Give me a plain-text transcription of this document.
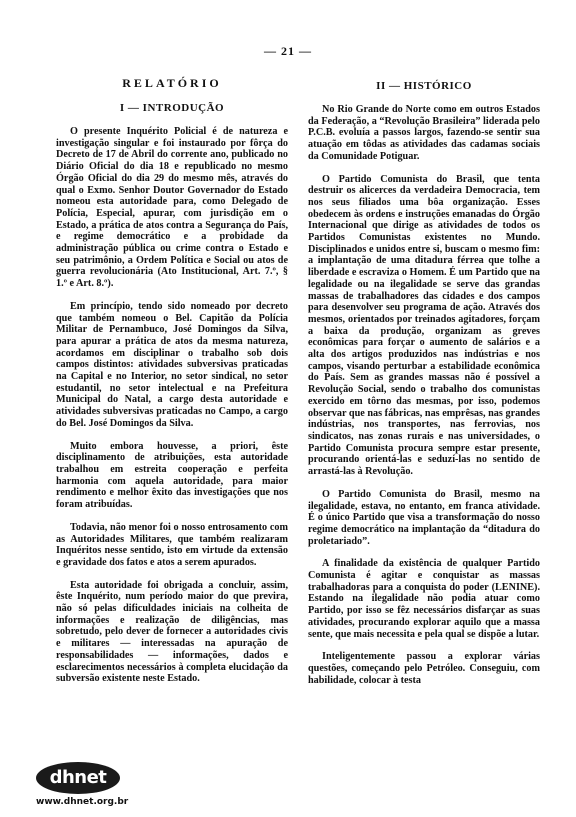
— 21 —
RELATÓRIO
I — INTRODUÇÃO

O presente Inquérito Policial é de natureza e investigação singular e foi instaurado por fôrça do Decreto de 17 de Abril do corrente ano, publicado no Diário Oficial do dia 18 e republicado no mesmo Órgão Oficial do dia 29 do mesmo mês, através do qual o Exmo. Senhor Doutor Governador do Estado nomeou esta autoridade para, como Delegado de Polícia, Especial, apurar, com jurisdição em o Estado, a prática de atos contra a Segurança do País, e regime democrático e a probidade da administração pública ou crime contra o Estado e seu patrimônio, a Ordem Política e Social ou atos de guerra revolucionária (Ato Institucional, Art. 7.º, § 1.º e Art. 8.º).

Em princípio, tendo sido nomeado por decreto que também nomeou o Bel. Capitão da Polícia Militar de Pernambuco, José Domingos da Silva, para apurar a prática de atos da mesma natureza, acordamos em disciplinar o trabalho sob dois campos distintos: atividades subversivas praticadas na Capital e no Interior, no setor sindical, no setor estudantil, no setor intelectual e na Prefeitura Municipal do Natal, a cargo desta autoridade e atividades subversivas praticadas no Campo, a cargo do Bel. José Domingos da Silva.

Muito embora houvesse, a priori, êste disciplinamento de atribuições, esta autoridade trabalhou em estreita cooperação e perfeita harmonia com aquela autoridade, para maior rendimento e melhor êxito das investigações que nos foram atribuídas.

Todavia, não menor foi o nosso entrosamento com as Autoridades Militares, que também realizaram Inquéritos nesse sentido, isto em virtude da extensão e gravidade dos fatos e atos a serem apurados.

Esta autoridade foi obrigada a concluir, assim, êste Inquérito, num período maior do que previra, não só pelas dificuldades iniciais na colheita de informações e realização de diligências, mas sobretudo, pelo dever de fornecer a autoridades civis e militares — interessadas na apuração de responsabilidades — informações, dados e esclarecimentos necessários à completa elucidação da subversão existente neste Estado.

II — HISTÓRICO

No Rio Grande do Norte como em outros Estados da Federação, a “Revolução Brasileira” liderada pelo P.C.B. evoluía a passos largos, fazendo-se sentir sua atuação em tôdas as atividades das cadamas sociais da Comunidade Potiguar.

O Partido Comunista do Brasil, que tenta destruir os alicerces da verdadeira Democracia, tem nos seus filiados uma bôa organização. Esses obedecem às ordens e instruções emanadas do Órgão Internacional que dirige as atividades de todos os Partidos Comunistas existentes no Mundo. Disciplinados e unidos entre si, buscam o mesmo fim: a implantação de uma ditadura férrea que tolhe a liberdade e escraviza o Homem. É um Partido que na legalidade ou na ilegalidade se serve das grandas massas de trabalhadores das cidades e dos campos para desenvolver seu programa de ação. Através dos mesmos, orientados por treinados agitadores, forçam a baixa da produção, organizam as greves econômicas para forçar o aumento de salários e a alta dos artigos produzidos nas indústrias e nos campos, visando perturbar a estabilidade econômica do País. Sem as grandes massas não é possível a Revolução Social, sendo o trabalho dos comunistas exercido em tôrno das mesmas, por isso, podemos observar que nas fábricas, nas emprêsas, nas grandes indústrias, nos transportes, nas ferrovias, nos sindicatos, nas zonas rurais e nas universidades, o Partido Comunista procura sempre estar presente, procurando orientá-las e seduzí-las no sentido de arrastá-las à Revolução.

O Partido Comunista do Brasil, mesmo na ilegalidade, estava, no entanto, em franca atividade. É o único Partido que visa a transformação do nosso regime democrático na implantação da “ditadura do proletariado”.

A finalidade da existência de qualquer Partido Comunista é agitar e conquistar as massas trabalhadoras para a conquista do poder (LENINE). Estando na ilegalidade não podia atuar como Partido, por isso se fêz necessários disfarçar as suas atividades, procurando explorar aquilo que a massa sente, que mais necessita e pela qual se dispõe a lutar.

Inteligentemente passou a explorar várias questões, começando pelo Petróleo. Conseguiu, com habilidade, colocar à testa

dhnet
www.dhnet.org.br
